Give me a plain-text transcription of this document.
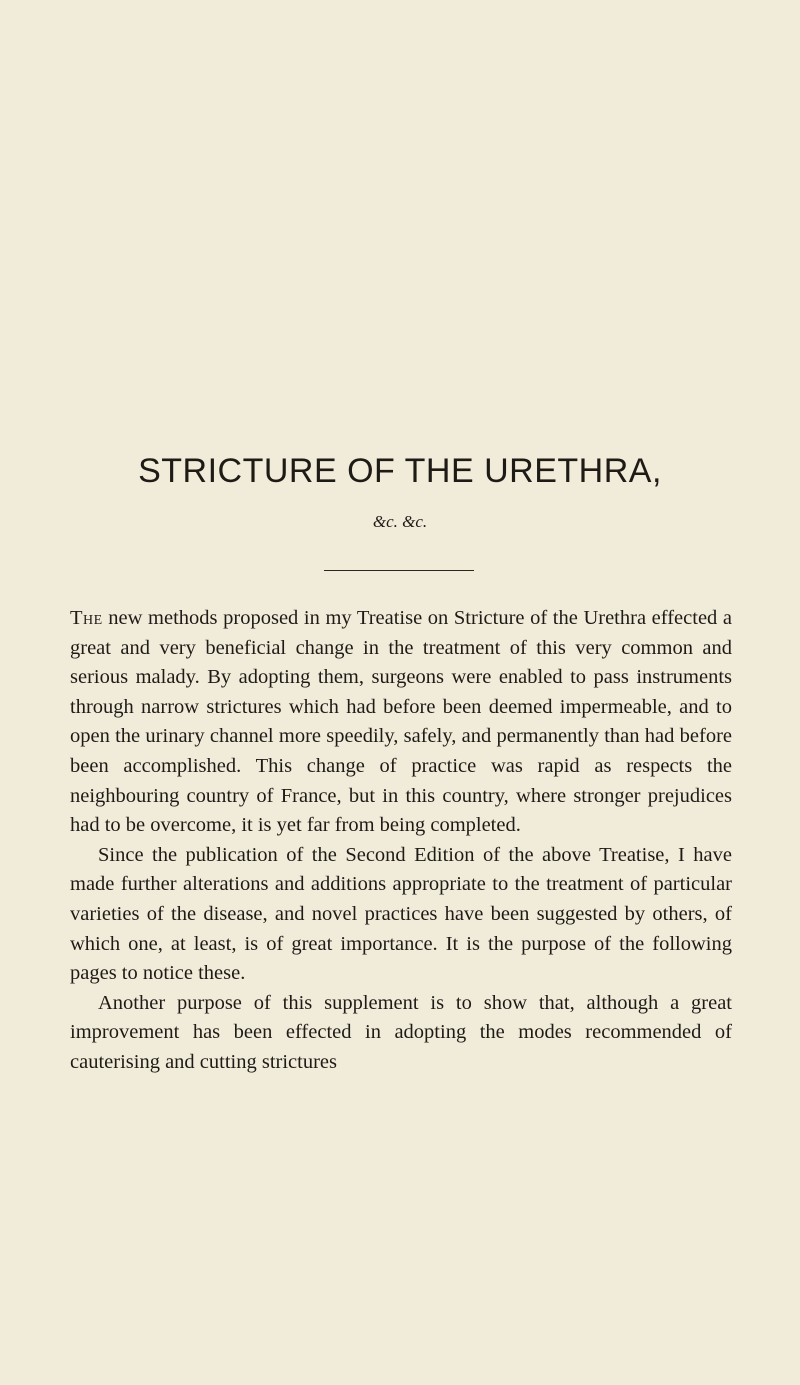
STRICTURE OF THE URETHRA,
&c. &c.

The new methods proposed in my Treatise on Stricture of the Urethra effected a great and very beneficial change in the treatment of this very common and serious malady. By adopting them, surgeons were enabled to pass instruments through narrow strictures which had before been deemed impermeable, and to open the urinary channel more speedily, safely, and permanently than had before been accomplished. This change of practice was rapid as respects the neighbouring country of France, but in this country, where stronger prejudices had to be overcome, it is yet far from being completed.

Since the publication of the Second Edition of the above Treatise, I have made further alterations and additions appropriate to the treatment of particular varieties of the disease, and novel practices have been suggested by others, of which one, at least, is of great importance. It is the purpose of the following pages to notice these.

Another purpose of this supplement is to show that, although a great improvement has been effected in adopting the modes recommended of cauterising and cutting strictures
